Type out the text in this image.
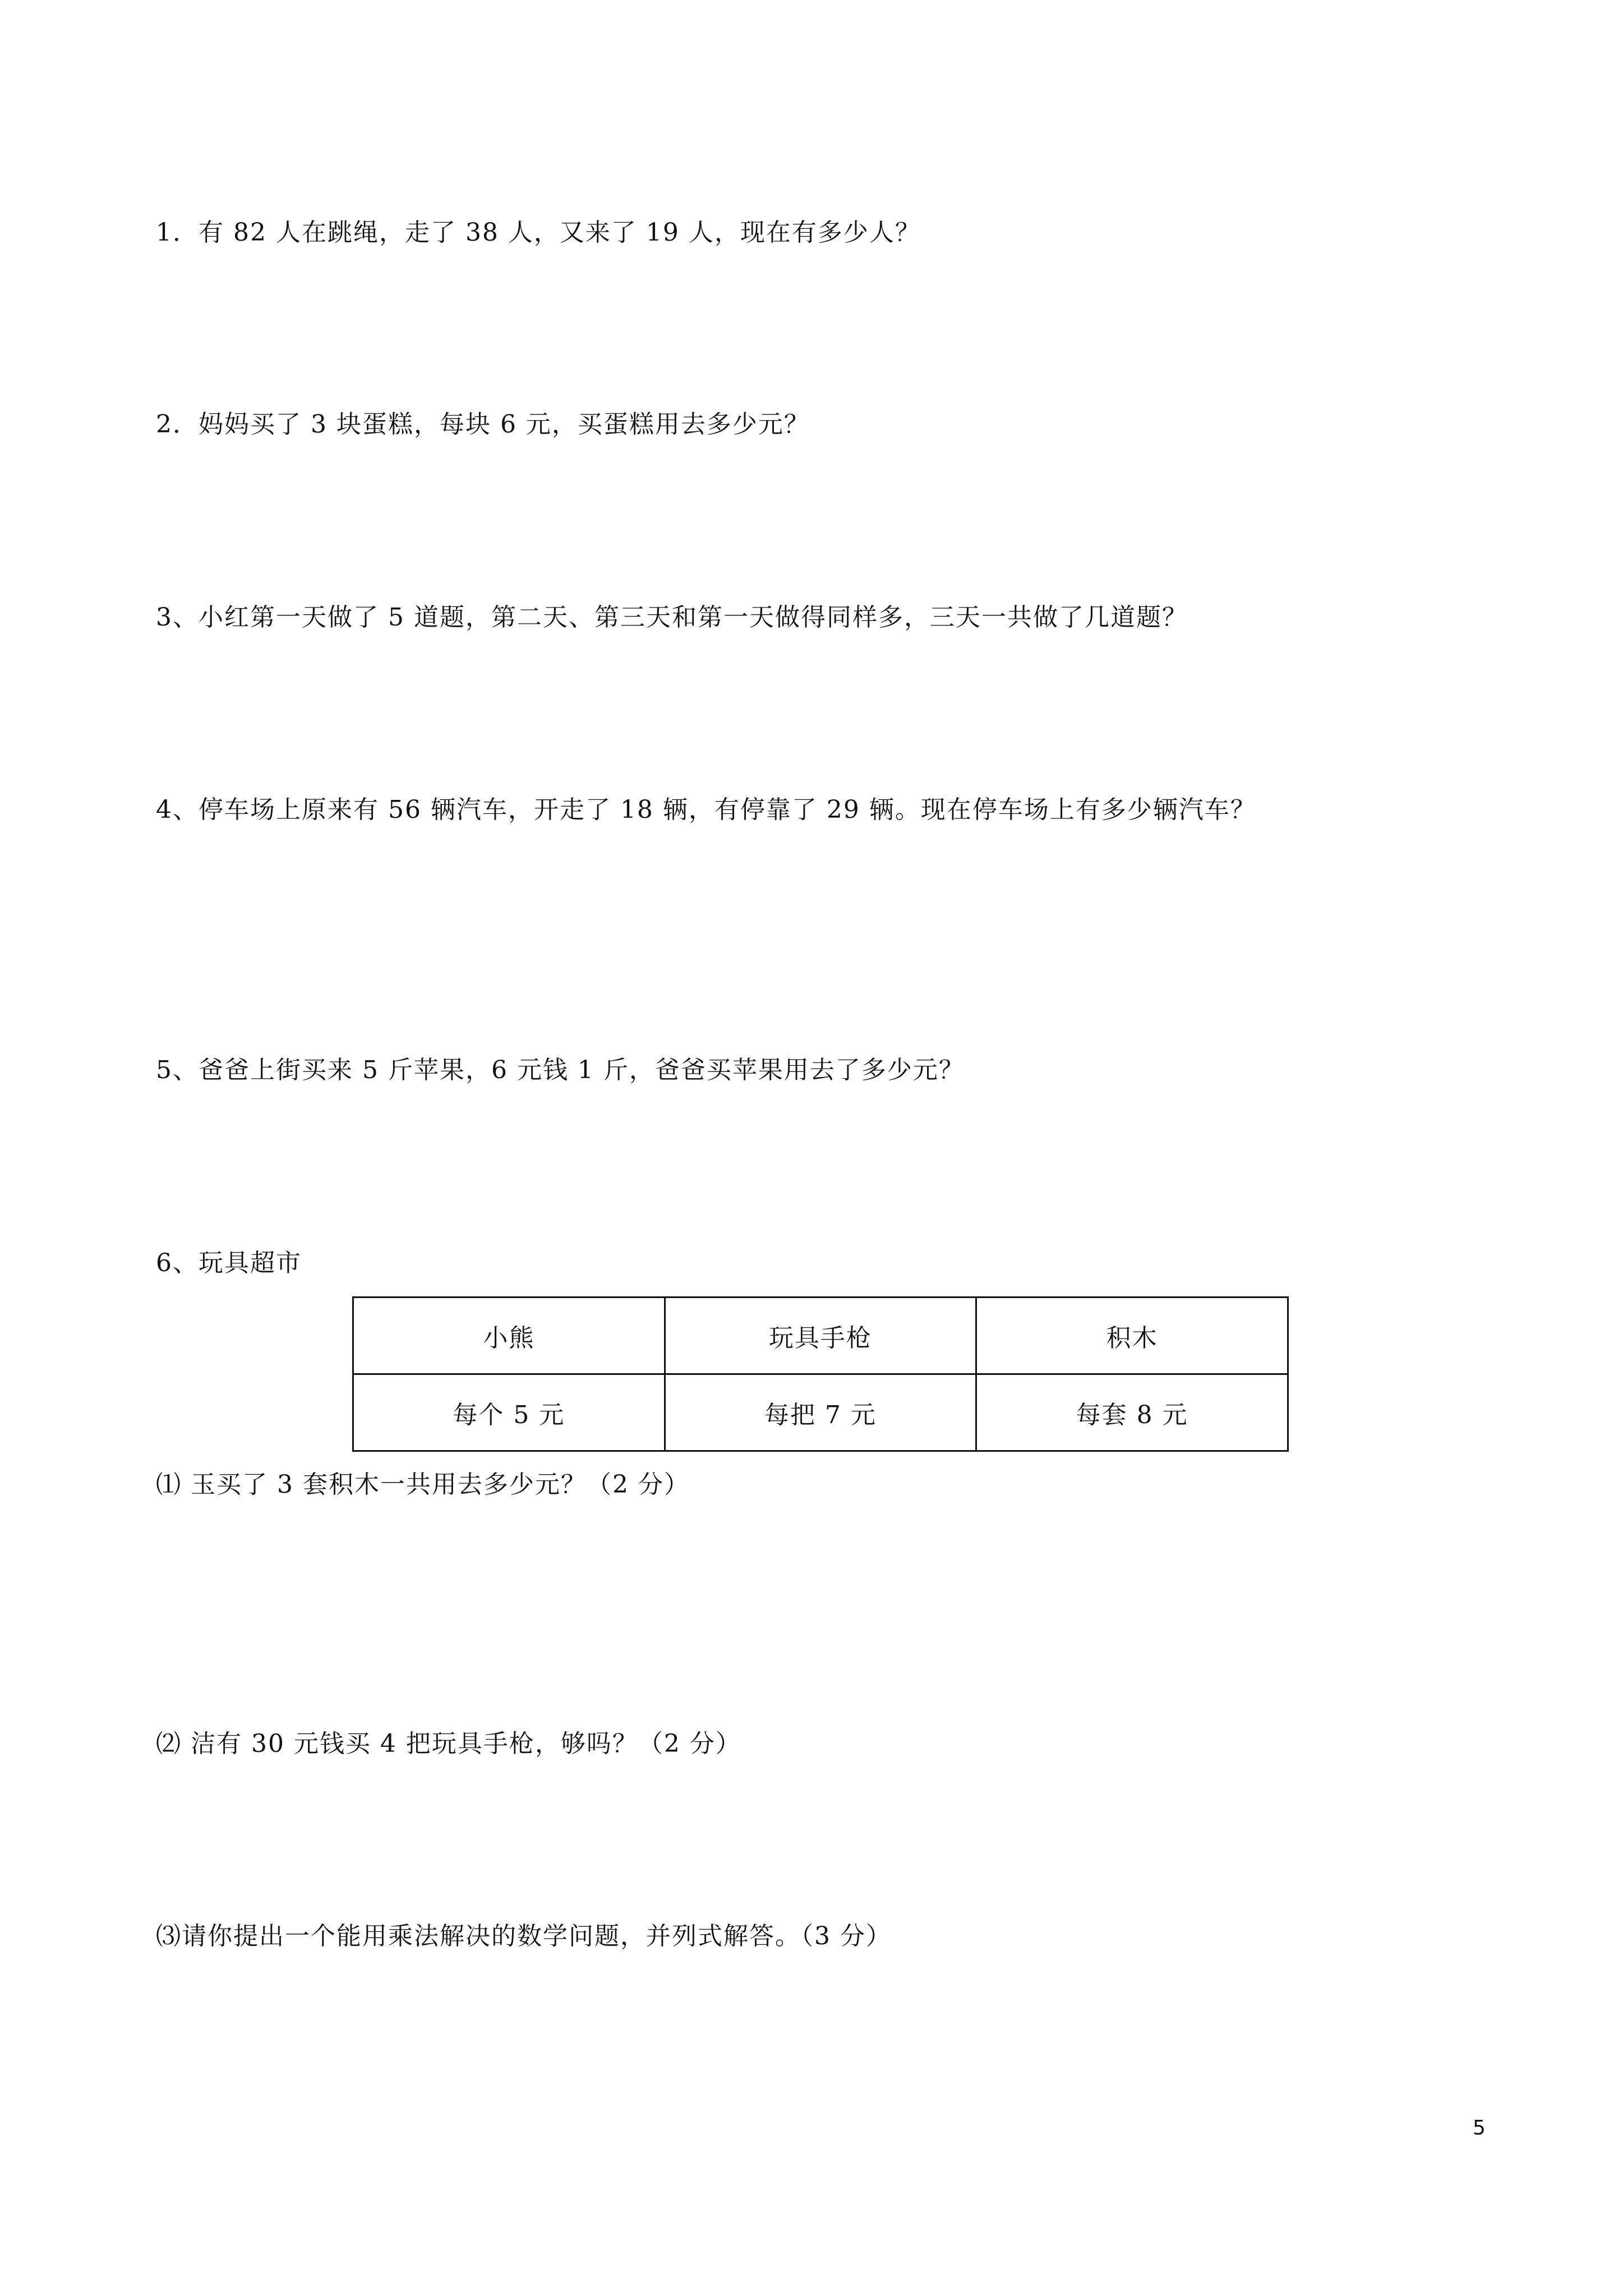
1．有 82 人在跳绳，走了 38 人，又来了 19 人，现在有多少人？
2．妈妈买了 3 块蛋糕，每块 6 元，买蛋糕用去多少元？
3、小红第一天做了 5 道题，第二天、第三天和第一天做得同样多，三天一共做了几道题？
4、停车场上原来有 56 辆汽车，开走了 18 辆，有停靠了 29 辆。现在停车场上有多少辆汽车？
5、爸爸上街买来 5 斤苹果，6 元钱 1 斤，爸爸买苹果用去了多少元？
6、玩具超市
小熊	玩具手枪	积木
每个 5 元	每把 7 元	每套 8 元
⑴ 玉买了 3 套积木一共用去多少元？（2 分）
⑵ 洁有 30 元钱买 4 把玩具手枪，够吗？（2 分）
⑶请你提出一个能用乘法解决的数学问题，并列式解答。（3 分）
5
